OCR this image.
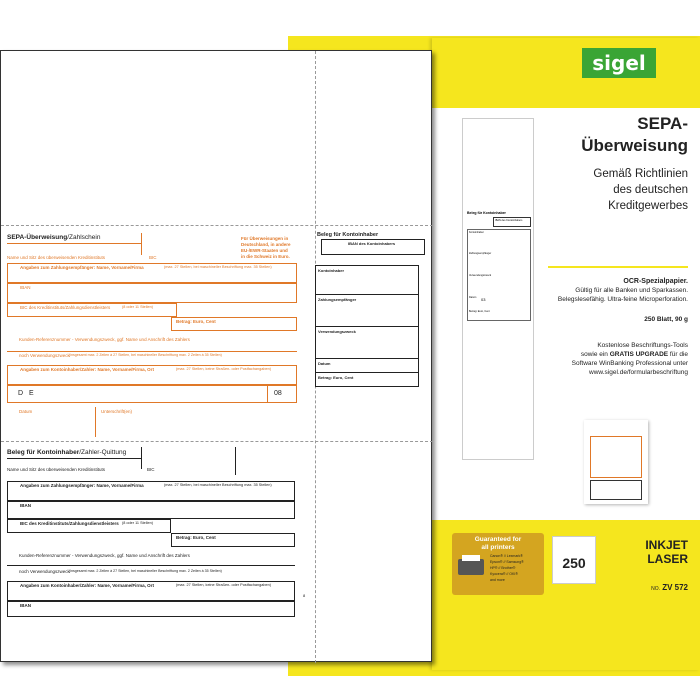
sigel
Beleg für Kontoinhaber
IBAN des Kontoinhabers
Kontoinhaber
Zahlungsempfänger
Verwendungszweck
Datum
Betrag: Euro, Cent
03
SEPA-
Überweisung
Gemäß Richtlinien
des deutschen
Kreditgewerbes
OCR-Spezialpapier.
Gültig für alle Banken und Sparkassen.
Belegslesefähig. Ultra-feine Microperforation.
250 Blatt, 90 g
Kostenlose Beschriftungs-Tools
sowie ein GRATIS UPGRADE für die
Software WinBanking Professional unter
www.sigel.de/formularbeschriftung
Guaranteed for
all printers
Canon® // Lexmark®
Epson® // Samsung®
HP® // Brother®
Kyocera® // OKI®
and more
250
INKJET
LASER
NO. ZV 572
SEPA-Überweisung/Zahlschein
Name und Sitz des überweisenden Kreditinstituts	BIC
Für Überweisungen in
Deutschland, in andere
EU-/EWR-Staaten und
in die Schweiz in Euro.
Angaben zum Zahlungsempfänger: Name, Vorname/Firma	(max. 27 Stellen, bei maschineller Beschriftung max. 35 Stellen)
IBAN
BIC des Kreditinstituts/Zahlungsdienstleisters	(8 oder 11 Stellen)
Betrag: Euro, Cent
Kunden-Referenznummer - Verwendungszweck, ggf. Name und Anschrift des Zahlers
noch Verwendungszweck (insgesamt max. 2 Zeilen à 27 Stellen, bei maschineller Beschriftung max. 2 Zeilen à 35 Stellen)
Angaben zum Kontoinhaber/Zahler: Name, Vorname/Firma, Ort	(max. 27 Stellen, keine Straßen- oder Postfachangaben)
D E	08
Datum	Unterschrift(en)
Beleg für Kontoinhaber
IBAN des Kontoinhabers
Kontoinhaber
Zahlungsempfänger
Verwendungszweck
Datum
Betrag: Euro, Cent
Beleg für Kontoinhaber/Zahler-Quittung
Name und Sitz des überweisenden Kreditinstituts	BIC
Angaben zum Zahlungsempfänger: Name, Vorname/Firma	(max. 27 Stellen, bei maschineller Beschriftung max. 35 Stellen)
IBAN
BIC des Kreditinstituts/Zahlungsdienstleisters (8 oder 11 Stellen)
Betrag: Euro, Cent
Kunden-Referenznummer - Verwendungszweck, ggf. Name und Anschrift des Zahlers
noch Verwendungszweck (insgesamt max. 2 Zeilen à 27 Stellen, bei maschineller Beschriftung max. 2 Zeilen à 35 Stellen)
Angaben zum Kontoinhaber/Zahler: Name, Vorname/Firma, Ort	(max. 27 Stellen, keine Straßen- oder Postfachangaben)
IBAN
8
